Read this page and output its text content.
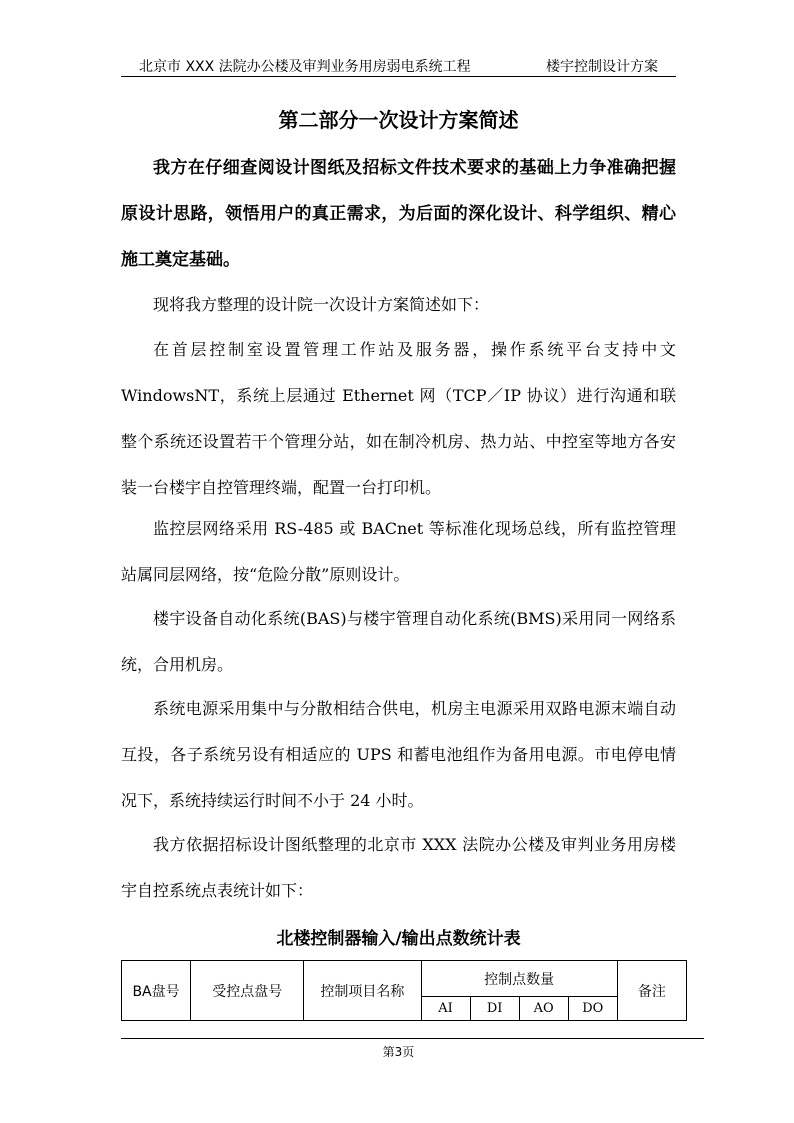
北京市 XXX 法院办公楼及审判业务用房弱电系统工程	楼宇控制设计方案
第二部分一次设计方案简述

我方在仔细查阅设计图纸及招标文件技术要求的基础上力争准确把握原设计思路，领悟用户的真正需求，为后面的深化设计、科学组织、精心施工奠定基础。

现将我方整理的设计院一次设计方案简述如下：

在首层控制室设置管理工作站及服务器，操作系统平台支持中文 WindowsNT，系统上层通过 Ethernet 网（TCP／IP 协议）进行沟通和联整个系统还设置若干个管理分站，如在制冷机房、热力站、中控室等地方各安装一台楼宇自控管理终端，配置一台打印机。

监控层网络采用 RS-485 或 BACnet 等标准化现场总线，所有监控管理站属同层网络，按“危险分散”原则设计。

楼宇设备自动化系统(BAS)与楼宇管理自动化系统(BMS)采用同一网络系统，合用机房。

系统电源采用集中与分散相结合供电，机房主电源采用双路电源末端自动互投，各子系统另设有相适应的 UPS 和蓄电池组作为备用电源。市电停电情况下，系统持续运行时间不小于 24 小时。

我方依据招标设计图纸整理的北京市 XXX 法院办公楼及审判业务用房楼宇自控系统点表统计如下：

北楼控制器输入/输出点数统计表
BA盘号	受控点盘号	控制项目名称	控制点数量				备注
			AI	DI	AO	DO	
第3页
